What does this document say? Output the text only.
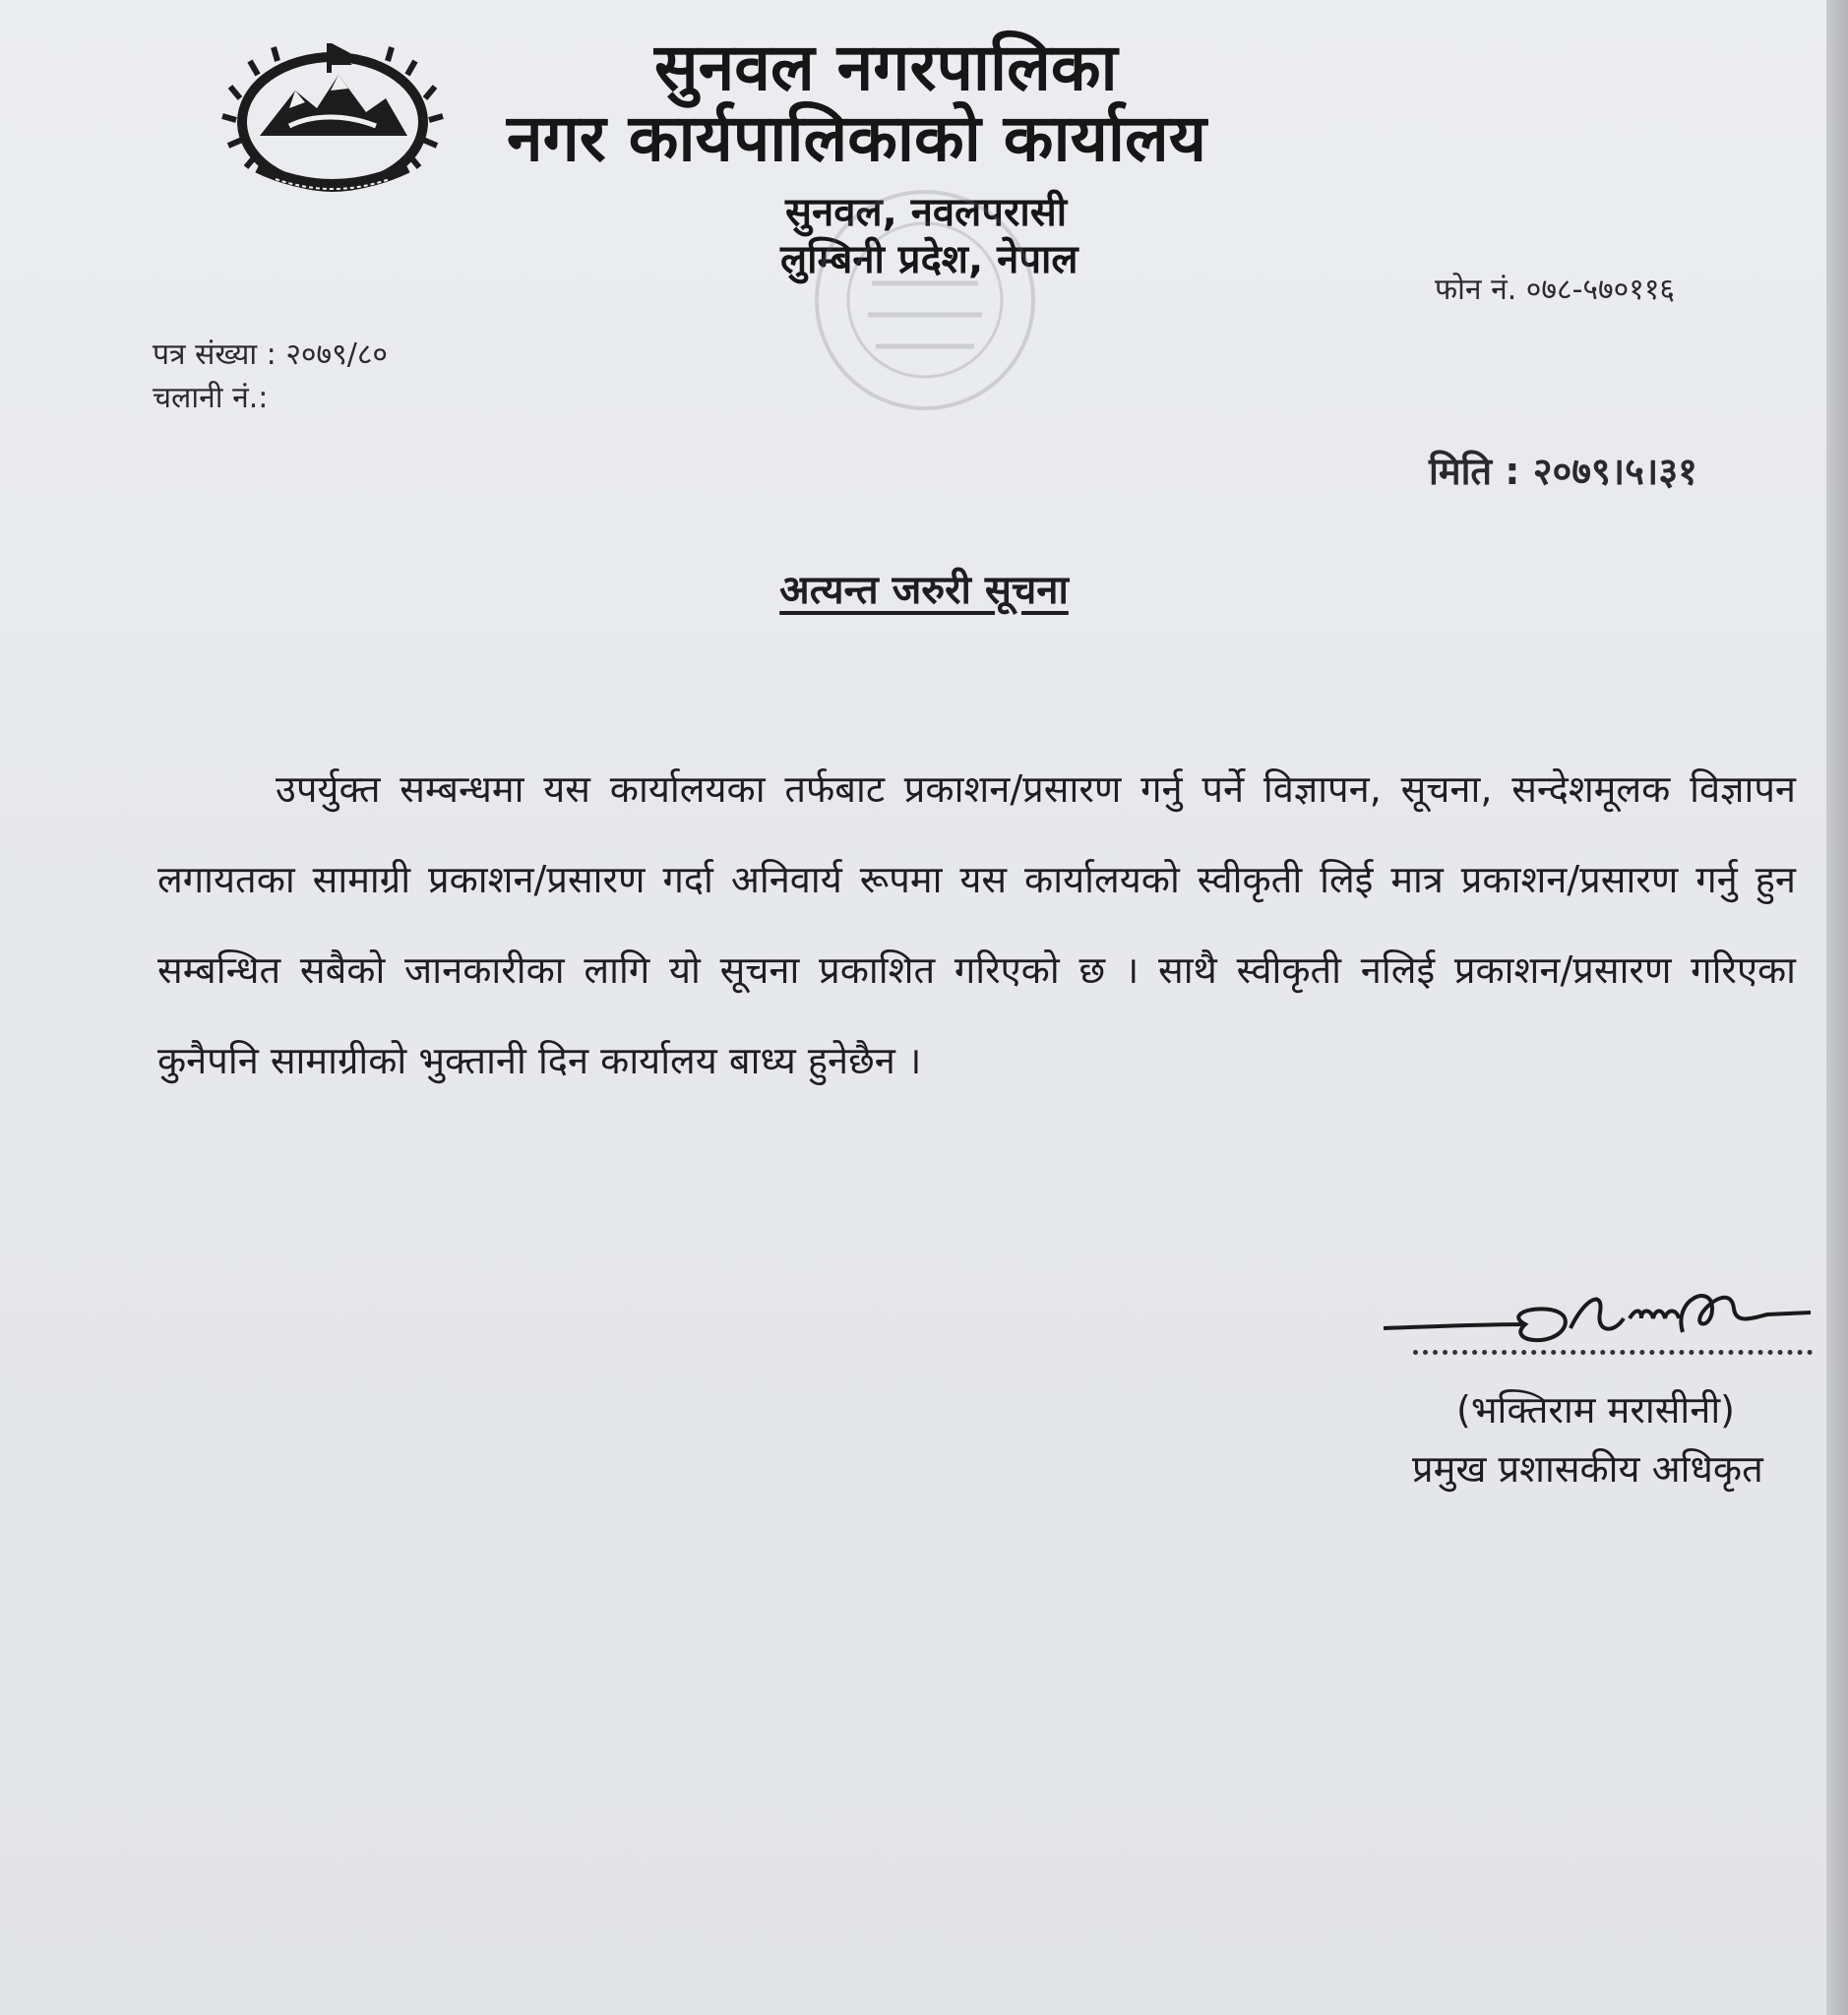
सुनवल नगरपालिका
नगर कार्यपालिकाको कार्यालय
सुनवल, नवलपरासी
लुम्बिनी प्रदेश, नेपाल
फोन नं. ०७८-५७०११६
पत्र संख्या : २०७९/८०
चलानी नं.:
मिति : २०७९।५।३१
अत्यन्त जरुरी सूचना
उपर्युक्त सम्बन्धमा यस कार्यालयका तर्फबाट प्रकाशन/प्रसारण गर्नु पर्ने विज्ञापन, सूचना, सन्देशमूलक विज्ञापन लगायतका सामाग्री प्रकाशन/प्रसारण गर्दा अनिवार्य रूपमा यस कार्यालयको स्वीकृती लिई मात्र प्रकाशन/प्रसारण गर्नु हुन सम्बन्धित सबैको जानकारीका लागि यो सूचना प्रकाशित गरिएको छ । साथै स्वीकृती नलिई प्रकाशन/प्रसारण गरिएका कुनैपनि सामाग्रीको भुक्तानी दिन कार्यालय बाध्य हुनेछैन ।
(भक्तिराम मरासीनी)
प्रमुख प्रशासकीय अधिकृत
